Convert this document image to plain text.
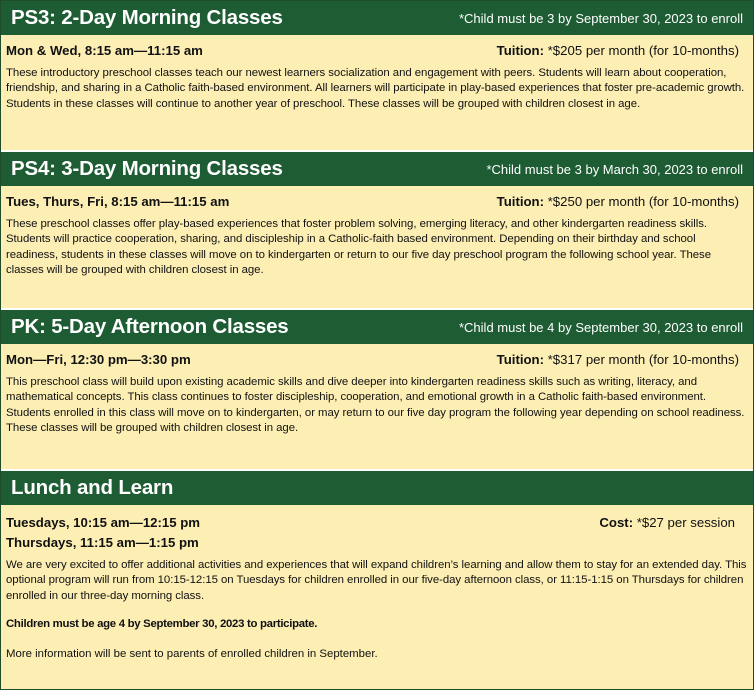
PS3: 2-Day Morning Classes	*Child must be 3 by September 30, 2023 to enroll
Mon & Wed, 8:15 am—11:15 am	Tuition: *$205 per month (for 10-months)
These introductory preschool classes teach our newest learners socialization and engagement with peers. Students will learn about cooperation, friendship, and sharing in a Catholic faith-based environment. All learners will participate in play-based experiences that foster pre-academic growth. Students in these classes will continue to another year of preschool. These classes will be grouped with children closest in age.
PS4: 3-Day Morning Classes	*Child must be 3 by March 30, 2023 to enroll
Tues, Thurs, Fri, 8:15 am—11:15 am	Tuition: *$250 per month (for 10-months)
These preschool classes offer play-based experiences that foster problem solving, emerging literacy, and other kindergarten readiness skills. Students will practice cooperation, sharing, and discipleship in a Catholic-faith based environment. Depending on their birthday and school readiness, students in these classes will move on to kindergarten or return to our five day preschool program the following school year. These classes will be grouped with children closest in age.
PK: 5-Day Afternoon Classes	*Child must be 4 by September 30, 2023 to enroll
Mon—Fri, 12:30 pm—3:30 pm	Tuition: *$317 per month (for 10-months)
This preschool class will build upon existing academic skills and dive deeper into kindergarten readiness skills such as writing, literacy, and mathematical concepts. This class continues to foster discipleship, cooperation, and emotional growth in a Catholic faith-based environment. Students enrolled in this class will move on to kindergarten, or may return to our five day program the following year depending on school readiness. These classes will be grouped with children closest in age.
Lunch and Learn
Tuesdays, 10:15 am—12:15 pm	Cost: *$27 per session
Thursdays, 11:15 am—1:15 pm
We are very excited to offer additional activities and experiences that will expand children’s learning and allow them to stay for an extended day. This optional program will run from 10:15-12:15 on Tuesdays for children enrolled in our five-day afternoon class, or 11:15-1:15 on Thursdays for children enrolled in our three-day morning class.
Children must be age 4 by September 30, 2023 to participate.
More information will be sent to parents of enrolled children in September.
